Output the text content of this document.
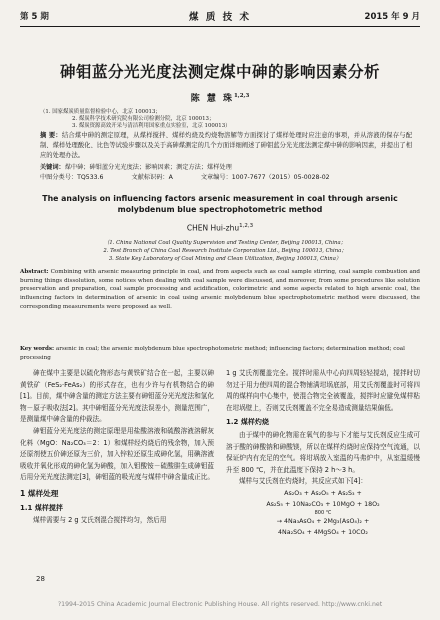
第 5 期	煤 质 技 术	2015 年 9 月
砷钼蓝分光光度法测定煤中砷的影响因素分析
陈 慧 珠$^{1,2,3}$
（1. 国家煤炭质量监督检验中心，北京 100013；
2. 煤炭科学技术研究院有限公司检测分院，北京 100013；
3. 煤炭资源高效开采与清洁利用国家重点实验室，北京 100013）
摘 要：结合煤中砷的测定原理，从煤样搅拌、煤样灼烧及灼烧物溶解等方面探讨了煤样处理时应注意的事项，并从溶液的保存与配制、煤样处理酸化、比色等试验步骤以及关于高砷煤测定的几个方面详细阐述了砷钼蓝分光光度法测定煤中砷的影响因素，并提出了相应的处理办法。
关键词：煤中砷；砷钼蓝分光光度法；影响因素；测定方法；煤样处理
中图分类号：TQ533.6	文献标识码：A	文章编号：1007-7677（2015）05-0028-02
The analysis on influencing factors arsenic measurement in coal through arsenic molybdenum blue spectrophotometric method
CHEN Hui-zhu$^{1,2,3}$
（1. China National Coal Quality Supervision and Testing Center, Beijing 100013, China；
2. Test Branch of China Coal Research Institute Corporation Ltd., Beijing 100013, China；
3. State Key Laboratory of Coal Mining and Clean Utilization, Beijing 100013, China）
Abstract: Combining with arsenic measuring principle in coal, and from aspects such as coal sample stirring, coal sample combustion and burning things dissolution, some notices when dealing with coal sample were discussed, and moreover, from some procedures like solution preservation and preparation, coal sample processing and acidification, colorimetric and some aspects related to high arsenic coal, the influencing factors in determination of arsenic in coal using arsenic molybdenum blue spectrophotometric method were discussed, the corresponding measurements were proposed as well.
Key words: arsenic in coal; the arsenic molybdenum blue spectrophotometric method; influencing factors; determination method; coal processing

砷在煤中主要是以硫化物形态与黄铁矿结合在一起，主要以砷黄铁矿（FeS₂·FeAs₂）的形式存在，也有少许与有机物结合的砷[1]。目前，煤中砷含量的测定方法主要有砷钼蓝分光光度法和氢化物－原子吸收法[2]。其中砷钼蓝分光光度法误差小，测量范围广，是测量煤中砷含量的仲裁法。

砷钼蓝分光光度法的测定原理是用盐酸溶液和硫酸溶液溶解灰化料（MgO：Na₂CO₃＝2：1）和煤样经灼烧后的残余物，加入预还原剂使五价砷还原为三价，加入锌粒还原生成砷化氢，用碘溶液吸收并氧化形成的砷化氢为砷酸，加入钼酸铵－硫酸肼生成砷钼蓝后用分光光度法测定[3]，砷钼蓝的吸光度与煤样中砷含量成正比。

1 煤样处理
1.1 煤样搅拌

煤样需要与 2 g 艾氏剂混合搅拌均匀，然后用

1 g 艾氏剂覆盖完全。搅拌时需从中心向四周轻轻搅动，搅拌时切勿过于用力使四周的混合物铺满坩埚底部，用艾氏剂覆盖时可将四周的煤样向中心集中，使混合物完全被覆盖，搅拌时应避免煤样粘在坩埚壁上，否则艾氏剂覆盖不完全易造成测量结果偏低。

1.2 煤样灼烧

由于煤中的砷化物需在氧气的参与下才能与艾氏剂反应生成可溶于酸的砷酸钠和砷酸镁，所以在煤样灼烧时应保持空气流通，以保证炉内有充足的空气。将坩埚放入室温的马弗炉中，从室温缓慢升至 800 ℃，并在此温度下保持 2 h～3 h。

煤样与艾氏剂在灼烧时，其反应式如下[4]：

As₂O₃ + As₂O₅ + As₂S₃ +

As₂S₅ + 10Na₂CO₃ + 10MgO + 18O₂

800 ℃

→ 4Na₃AsO₄ + 2Mg₃(AsO₄)₂ +

4Na₂SO₄ + 4MgSO₄ + 10CO₂

28
?1994-2015 China Academic Journal Electronic Publishing House. All rights reserved. http://www.cnki.net
